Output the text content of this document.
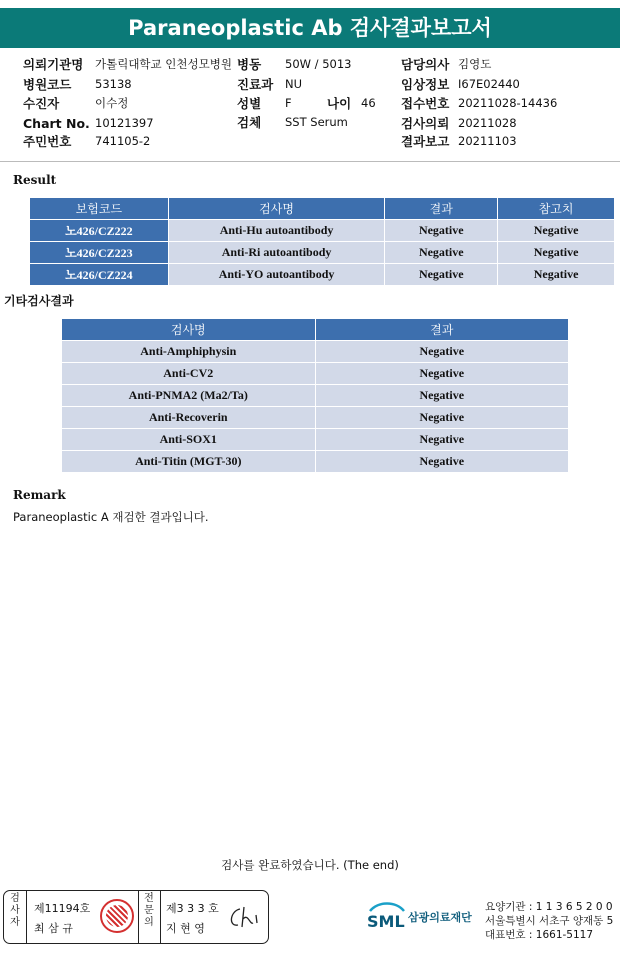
Paraneoplastic Ab 검사결과보고서
의뢰기관명 가톨릭대학교 인천성모병원
병원코드 53138
수진자	이수정
Chart No. 10121397
주민번호 741105-2
병동 50W / 5013
진료과 NU
성별 F	나이 46
검체 SST Serum
담당의사 김영도
임상정보 I67E02440
접수번호 20211028-14436
검사의뢰 20211028
결과보고 20211103
Result
보험코드	검사명	결과	참고치
노426/CZ222	Anti-Hu autoantibody	Negative	Negative
노426/CZ223	Anti-Ri autoantibody	Negative	Negative
노426/CZ224	Anti-YO autoantibody	Negative	Negative
기타검사결과
검사명	결과
Anti-Amphiphysin	Negative
Anti-CV2	Negative
Anti-PNMA2 (Ma2/Ta)	Negative
Anti-Recoverin	Negative
Anti-SOX1	Negative
Anti-Titin (MGT-30)	Negative
Remark
Paraneoplastic A 재검한 결과입니다.
검사를 완료하였습니다. (The end)
검사자
제11194호
최 삼 규
전문의
제3 3 3 호
지 현 영	SML 삼광의료재단
요양기관 : 1 1 3 6 5 2 0 0
서울특별시 서초구 양재동 5
대표번호 : 1661-5117
